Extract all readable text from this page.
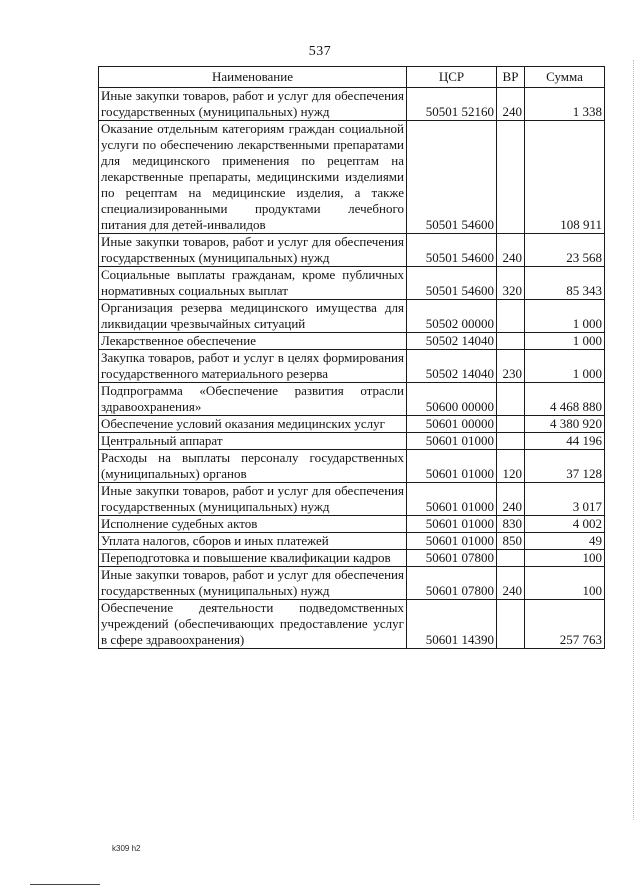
537
Наименование	ЦСР	ВР	Сумма
Иные закупки товаров, работ и услуг для обеспечения государственных (муниципальных) нужд	50501 52160	240	1 338
Оказание отдельным категориям граждан социальной услуги по обеспечению лекарственными препаратами для медицинского применения по рецептам на лекарственные препараты, медицинскими изделиями по рецептам на медицинские изделия, а также специализированными продуктами лечебного питания для детей-инвалидов	50501 54600		108 911
Иные закупки товаров, работ и услуг для обеспечения государственных (муниципальных) нужд	50501 54600	240	23 568
Социальные выплаты гражданам, кроме публичных нормативных социальных выплат	50501 54600	320	85 343
Организация резерва медицинского имущества для ликвидации чрезвычайных ситуаций	50502 00000		1 000
Лекарственное обеспечение	50502 14040		1 000
Закупка товаров, работ и услуг в целях формирования государственного материального резерва	50502 14040	230	1 000
Подпрограмма «Обеспечение развития отрасли здравоохранения»	50600 00000		4 468 880
Обеспечение условий оказания медицинских услуг	50601 00000		4 380 920
Центральный аппарат	50601 01000		44 196
Расходы на выплаты персоналу государственных (муниципальных) органов	50601 01000	120	37 128
Иные закупки товаров, работ и услуг для обеспечения государственных (муниципальных) нужд	50601 01000	240	3 017
Исполнение судебных актов	50601 01000	830	4 002
Уплата налогов, сборов и иных платежей	50601 01000	850	49
Переподготовка и повышение квалификации кадров	50601 07800		100
Иные закупки товаров, работ и услуг для обеспечения государственных (муниципальных) нужд	50601 07800	240	100
Обеспечение деятельности подведомственных учреждений (обеспечивающих предоставление услуг в сфере здравоохранения)	50601 14390		257 763
k309 h2
